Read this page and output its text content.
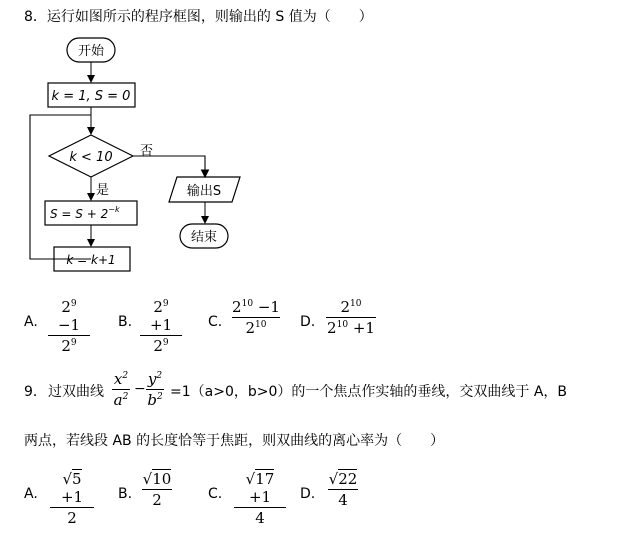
8．运行如图所示的程序框图，则输出的 S 值为（　　）
开始
k = 1, S = 0
k < 10 否
是
$S = S + 2^{-k}$
k = k+1
输出S
结束
A.
$2^9 -1$
$2^9$
B.
$2^9 +1$
$2^9$
C.
$2^{10} -1$
$2^{10}$	D.
$2^{10}$
$2^{10} +1$
9． 过双曲线
$x^2$
$a^2$ −
$y^2$
$b^2 =1(a>0$，b>0）的一个焦点作实轴的垂线，交双曲线于 A，B
两点，若线段 AB 的长度恰等于焦距，则双曲线的离心率为（　　）
A.
√5 +1
2
B.
√10
2	C.
√17 +1
4
D.
√22
4
